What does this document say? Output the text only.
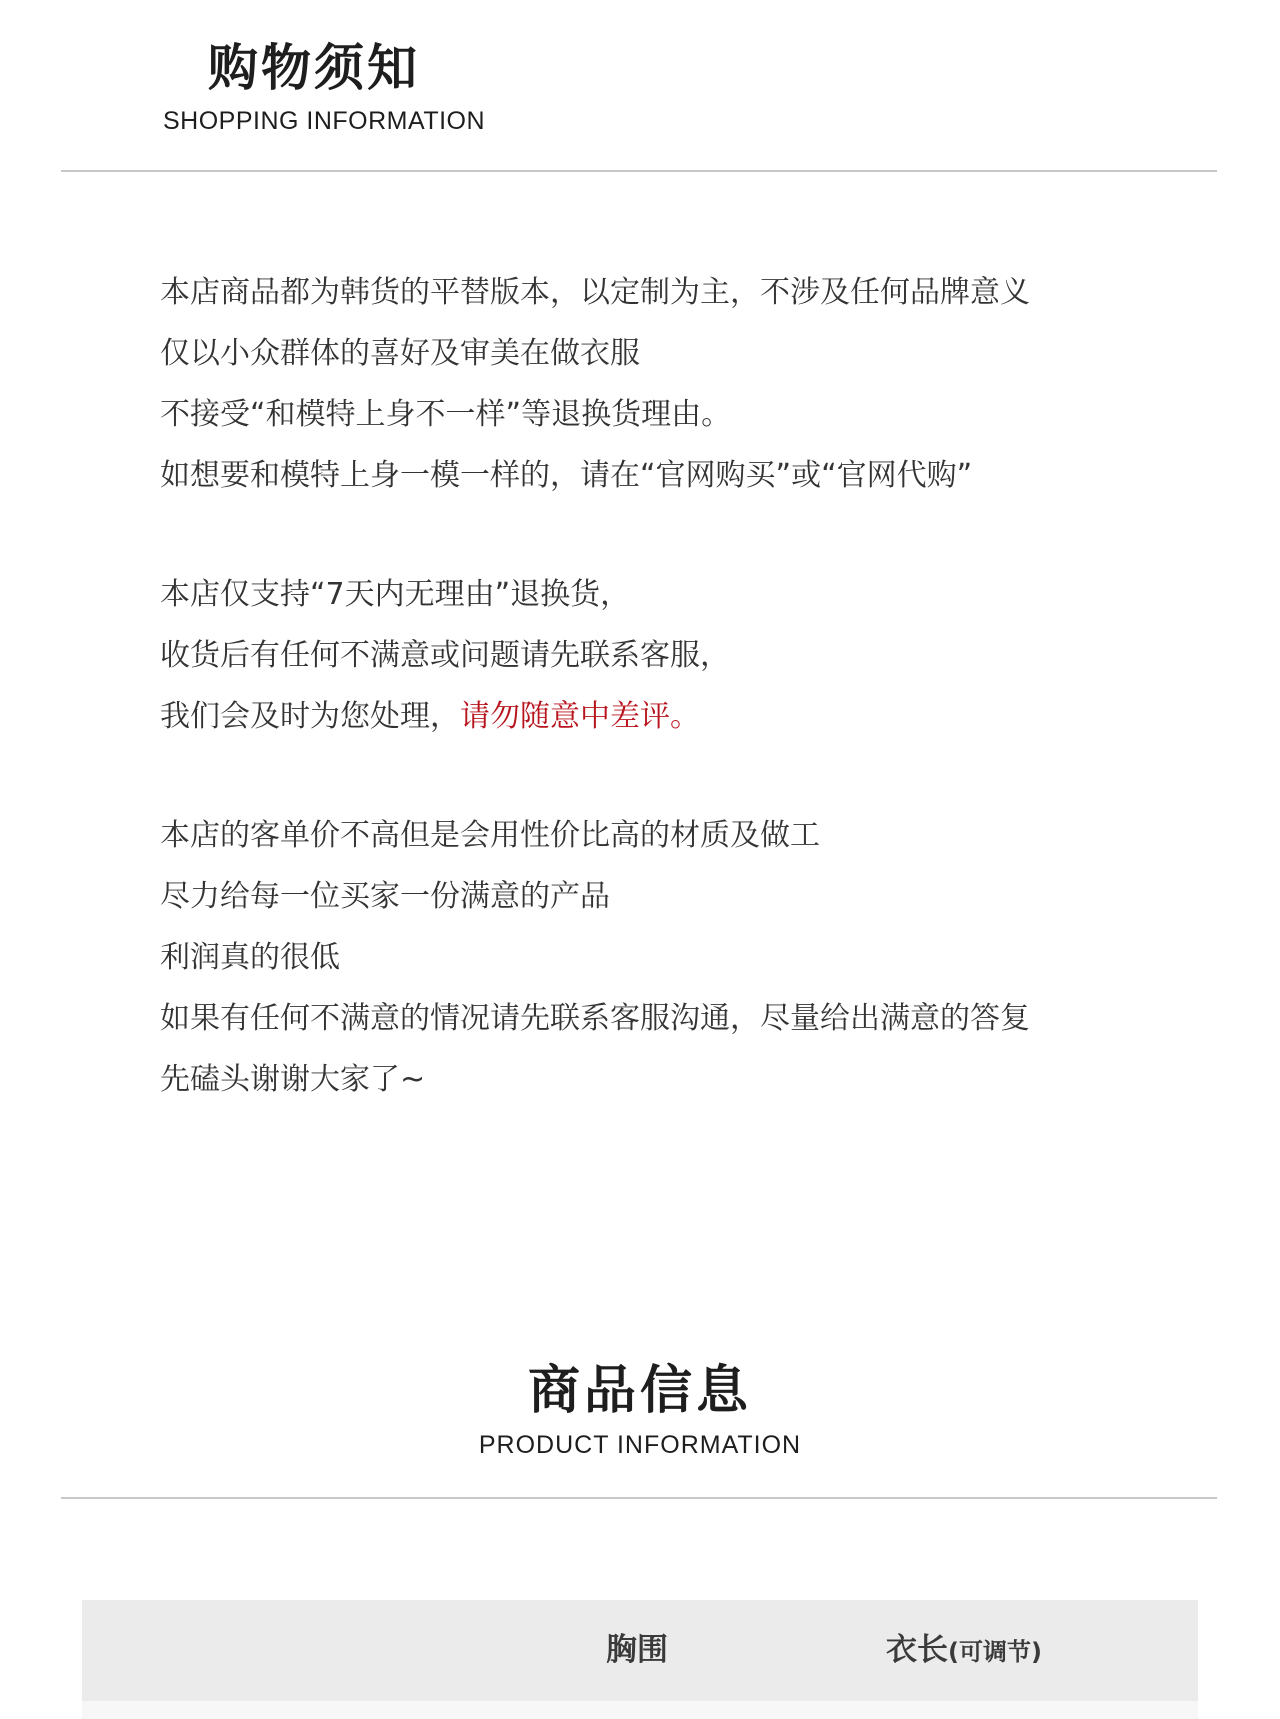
购物须知
SHOPPING INFORMATION
本店商品都为韩货的平替版本，以定制为主，不涉及任何品牌意义
仅以小众群体的喜好及审美在做衣服
不接受“和模特上身不一样”等退换货理由。
如想要和模特上身一模一样的，请在“官网购买”或“官网代购”
本店仅支持“7天内无理由”退换货，
收货后有任何不满意或问题请先联系客服，
我们会及时为您处理，请勿随意中差评。
本店的客单价不高但是会用性价比高的材质及做工
尽力给每一位买家一份满意的产品
利润真的很低
如果有任何不满意的情况请先联系客服沟通，尽量给出满意的答复
先磕头谢谢大家了~
商品信息
PRODUCT INFORMATION
胸围	衣长(可调节)
